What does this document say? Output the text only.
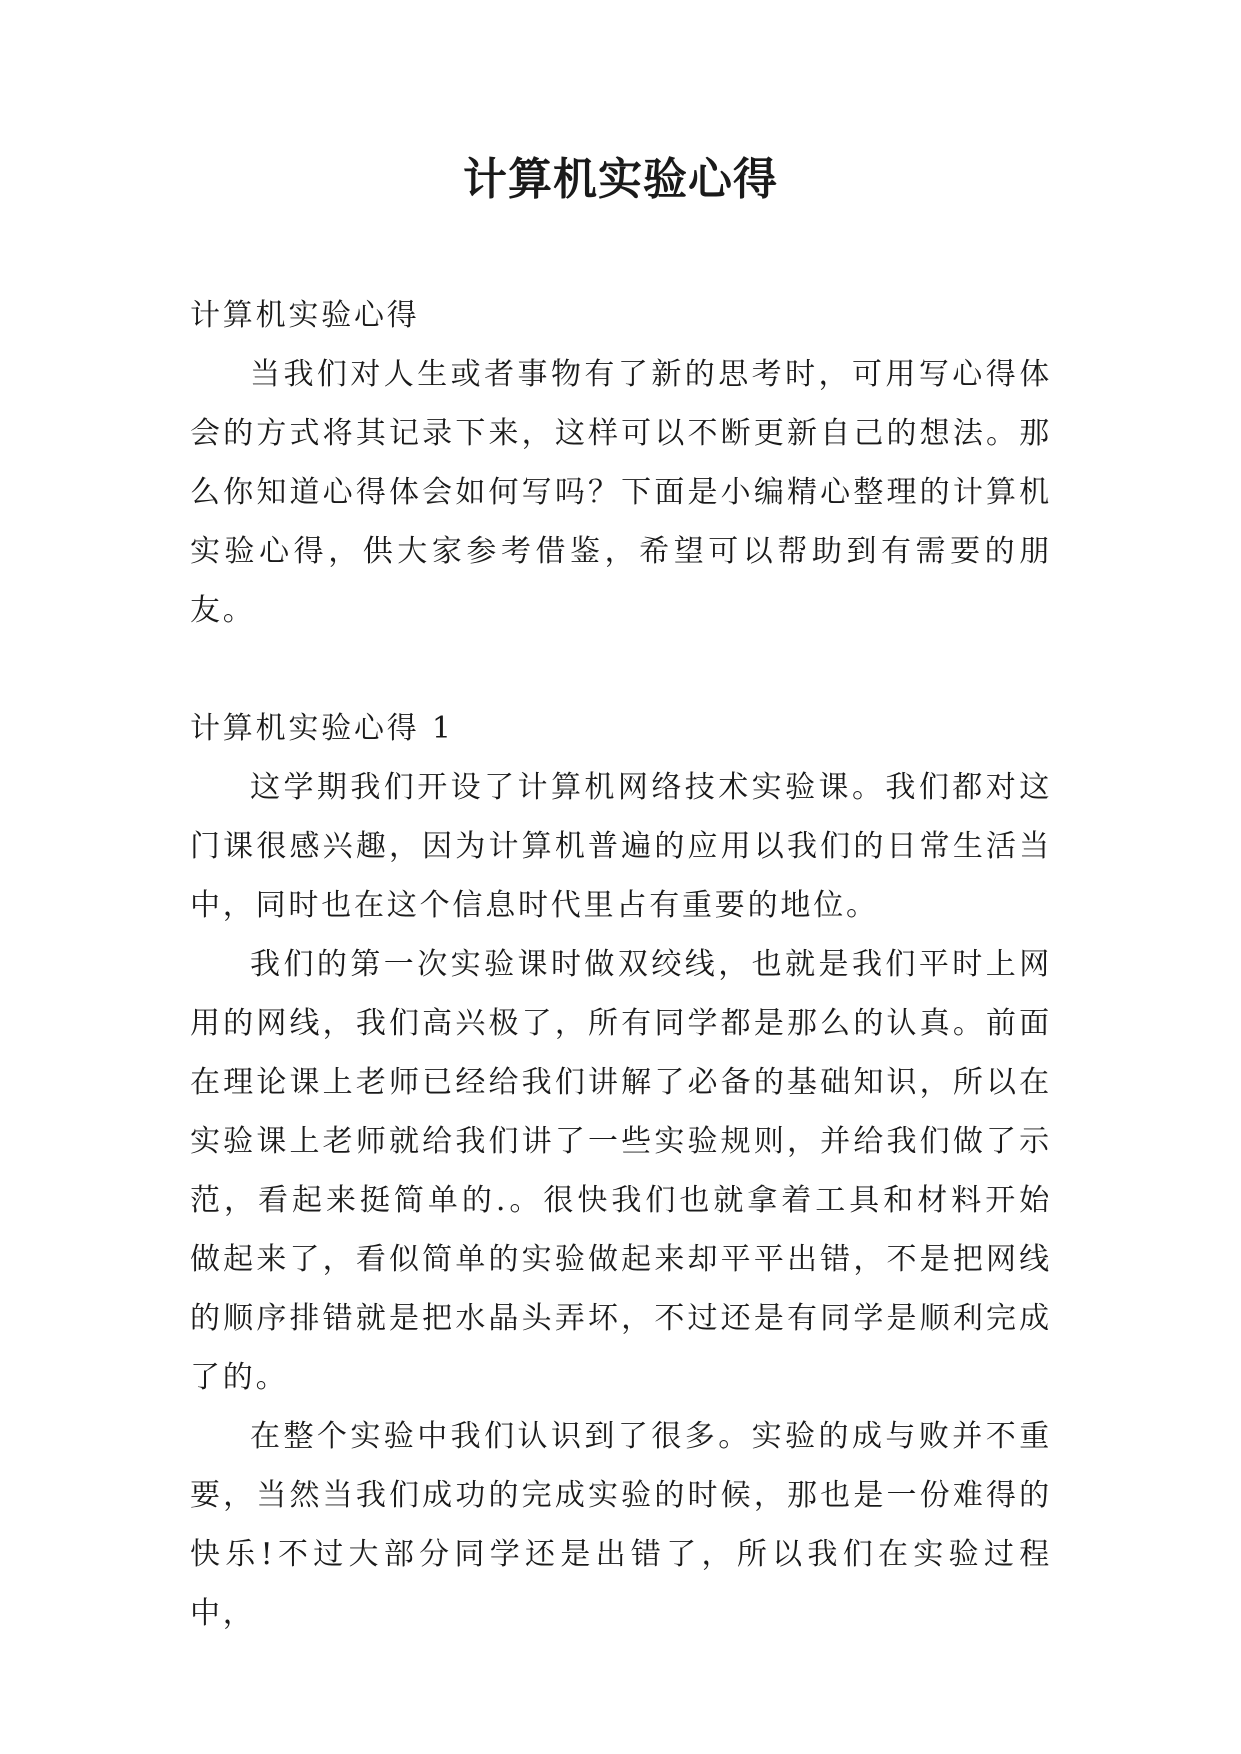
计算机实验心得
计算机实验心得

当我们对人生或者事物有了新的思考时，可用写心得体会的方式将其记录下来，这样可以不断更新自己的想法。那么你知道心得体会如何写吗？下面是小编精心整理的计算机实验心得，供大家参考借鉴，希望可以帮助到有需要的朋友。

计算机实验心得 1

这学期我们开设了计算机网络技术实验课。我们都对这门课很感兴趣，因为计算机普遍的应用以我们的日常生活当中，同时也在这个信息时代里占有重要的地位。

我们的第一次实验课时做双绞线，也就是我们平时上网用的网线，我们高兴极了，所有同学都是那么的认真。前面在理论课上老师已经给我们讲解了必备的基础知识，所以在实验课上老师就给我们讲了一些实验规则，并给我们做了示范，看起来挺简单的.。很快我们也就拿着工具和材料开始做起来了，看似简单的实验做起来却平平出错，不是把网线的顺序排错就是把水晶头弄坏，不过还是有同学是顺利完成了的。

在整个实验中我们认识到了很多。实验的成与败并不重要，当然当我们成功的完成实验的时候，那也是一份难得的快乐!不过大部分同学还是出错了，所以我们在实验过程中，
